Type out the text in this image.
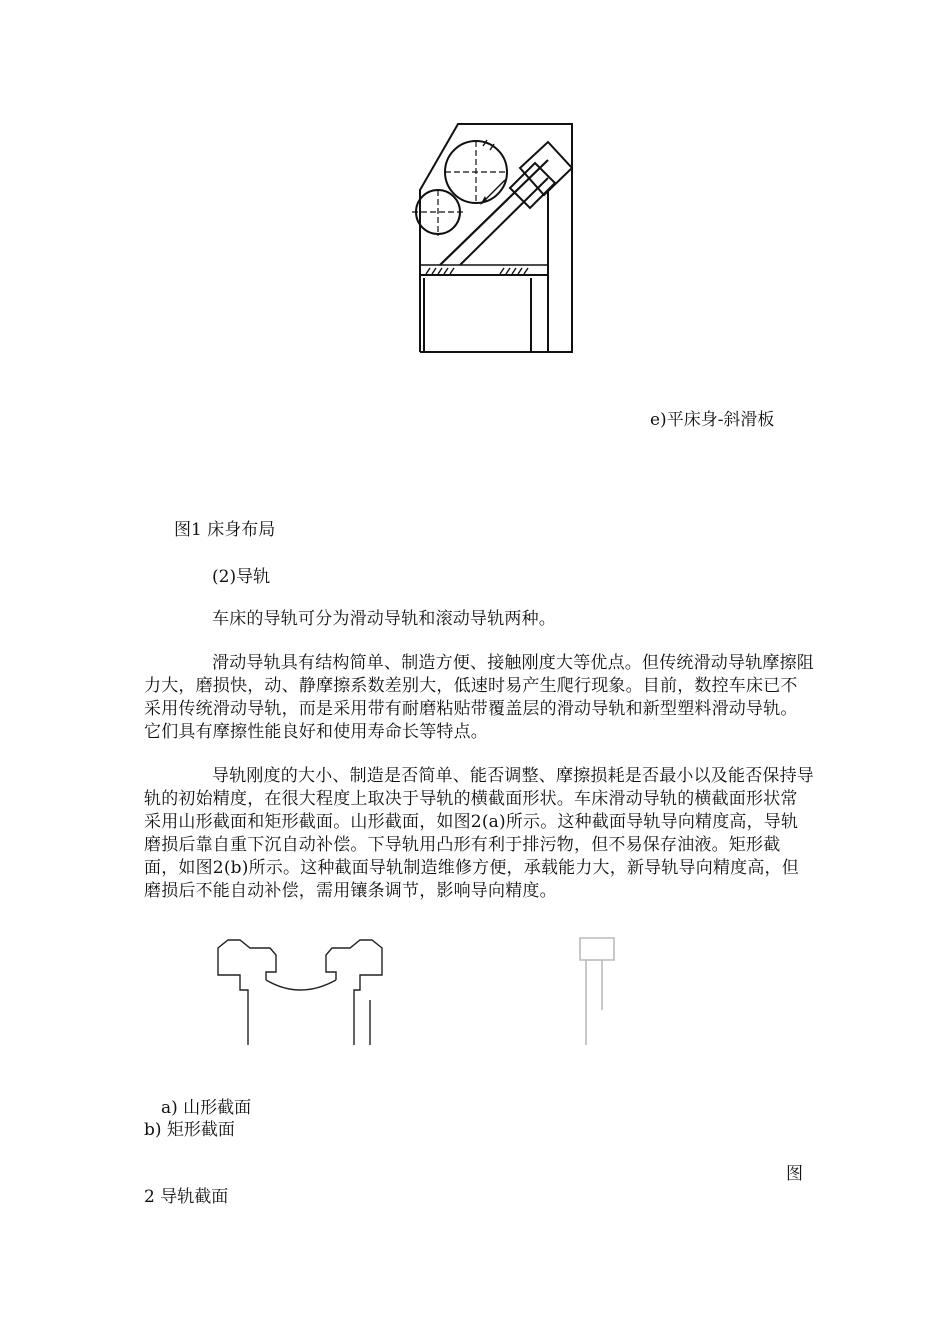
e)平床身-斜滑板
图1 床身布局
(2)导轨
车床的导轨可分为滑动导轨和滚动导轨两种。
滑动导轨具有结构简单、制造方便、接触刚度大等优点。但传统滑动导轨摩擦阻力大，磨损快，动、静摩擦系数差别大，低速时易产生爬行现象。目前，数控车床已不采用传统滑动导轨，而是采用带有耐磨粘贴带覆盖层的滑动导轨和新型塑料滑动导轨。它们具有摩擦性能良好和使用寿命长等特点。
导轨刚度的大小、制造是否简单、能否调整、摩擦损耗是否最小以及能否保持导轨的初始精度，在很大程度上取决于导轨的横截面形状。车床滑动导轨的横截面形状常采用山形截面和矩形截面。山形截面，如图2(a)所示。这种截面导轨导向精度高，导轨磨损后靠自重下沉自动补偿。下导轨用凸形有利于排污物，但不易保存油液。矩形截面，如图2(b)所示。这种截面导轨制造维修方便，承载能力大，新导轨导向精度高，但磨损后不能自动补偿，需用镶条调节，影响导向精度。
a) 山形截面
b) 矩形截面
图
2 导轨截面
